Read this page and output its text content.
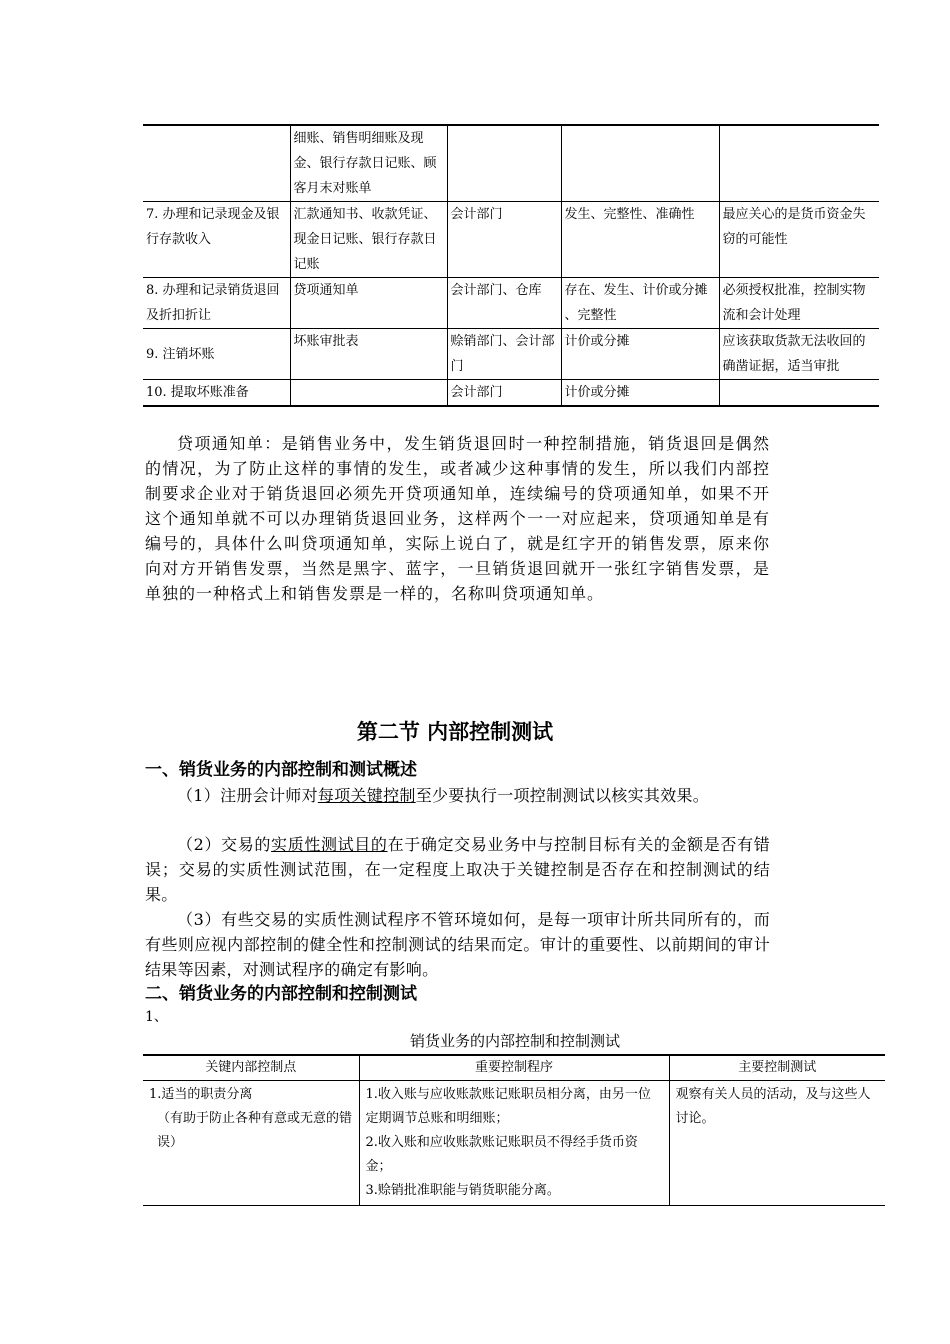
	细账、销售明细账及现金、银行存款日记账、顾客月末对账单			
7. 办理和记录现金及银行存款收入	汇款通知书、收款凭证、现金日记账、银行存款日记账	会计部门	发生、完整性、准确性	最应关心的是货币资金失窃的可能性
8. 办理和记录销货退回及折扣折让	贷项通知单	会计部门、仓库	存在、发生、计价或分摊 、完整性	必须授权批准，控制实物流和会计处理
9. 注销坏账	坏账审批表	赊销部门、会计部门	计价或分摊	应该获取货款无法收回的确凿证据，适当审批
10. 提取坏账准备		会计部门	计价或分摊	

贷项通知单：是销售业务中，发生销货退回时一种控制措施，销货退回是偶然的情况，为了防止这样的事情的发生，或者减少这种事情的发生，所以我们内部控制要求企业对于销货退回必须先开贷项通知单，连续编号的贷项通知单，如果不开这个通知单就不可以办理销货退回业务，这样两个一一对应起来，贷项通知单是有编号的，具体什么叫贷项通知单，实际上说白了，就是红字开的销售发票，原来你向对方开销售发票，当然是黑字、蓝字，一旦销货退回就开一张红字销售发票，是单独的一种格式上和销售发票是一样的，名称叫贷项通知单。

第二节 内部控制测试
一、销货业务的内部控制和测试概述

（1）注册会计师对每项关键控制至少要执行一项控制测试以核实其效果。

（2）交易的实质性测试目的在于确定交易业务中与控制目标有关的金额是否有错误；交易的实质性测试范围，在一定程度上取决于关键控制是否存在和控制测试的结果。

（3）有些交易的实质性测试程序不管环境如何，是每一项审计所共同所有的，而有些则应视内部控制的健全性和控制测试的结果而定。审计的重要性、以前期间的审计结果等因素，对测试程序的确定有影响。

二、销货业务的内部控制和控制测试
1、
销货业务的内部控制和控制测试
关键内部控制点	重要控制程序	主要控制测试

1.适当的职责分离
（有助于防止各种有意或无意的错误）	1.收入账与应收账款账记账职员相分离，由另一位定期调节总账和明细账；
2.收入账和应收账款账记账职员不得经手货币资金；
3.赊销批准职能与销货职能分离。	观察有关人员的活动，及与这些人讨论。
